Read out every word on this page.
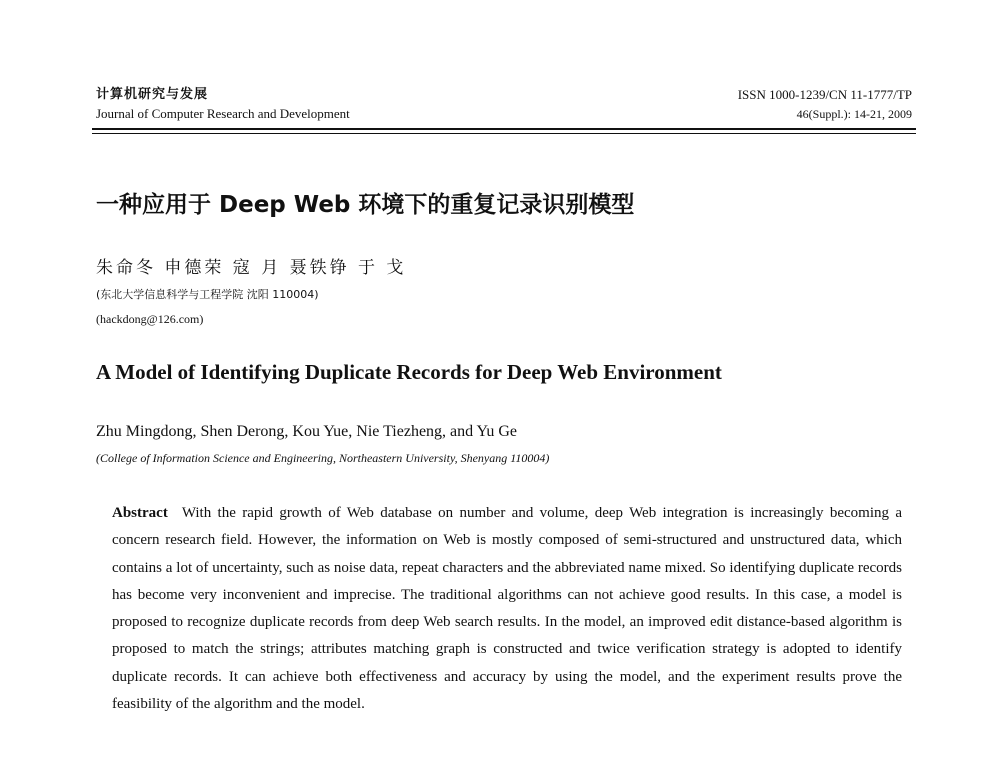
计算机研究与发展
Journal of Computer Research and Development
ISSN 1000-1239/CN 11-1777/TP
46(Suppl.): 14-21, 2009
一种应用于 Deep Web 环境下的重复记录识别模型
朱命冬 申德荣 寇 月 聂铁铮 于 戈
(东北大学信息科学与工程学院 沈阳 110004)
(hackdong@126.com)
A Model of Identifying Duplicate Records for Deep Web Environment
Zhu Mingdong, Shen Derong, Kou Yue, Nie Tiezheng, and Yu Ge
(College of Information Science and Engineering, Northeastern University, Shenyang 110004)
Abstract With the rapid growth of Web database on number and volume, deep Web integration is increasingly becoming a concern research field. However, the information on Web is mostly composed of semi-structured and unstructured data, which contains a lot of uncertainty, such as noise data, repeat characters and the abbreviated name mixed. So identifying duplicate records has become very inconvenient and imprecise. The traditional algorithms can not achieve good results. In this case, a model is proposed to recognize duplicate records from deep Web search results. In the model, an improved edit distance-based algorithm is proposed to match the strings; attributes matching graph is constructed and twice verification strategy is adopted to identify duplicate records. It can achieve both effectiveness and accuracy by using the model, and the experiment results prove the feasibility of the algorithm and the model.
